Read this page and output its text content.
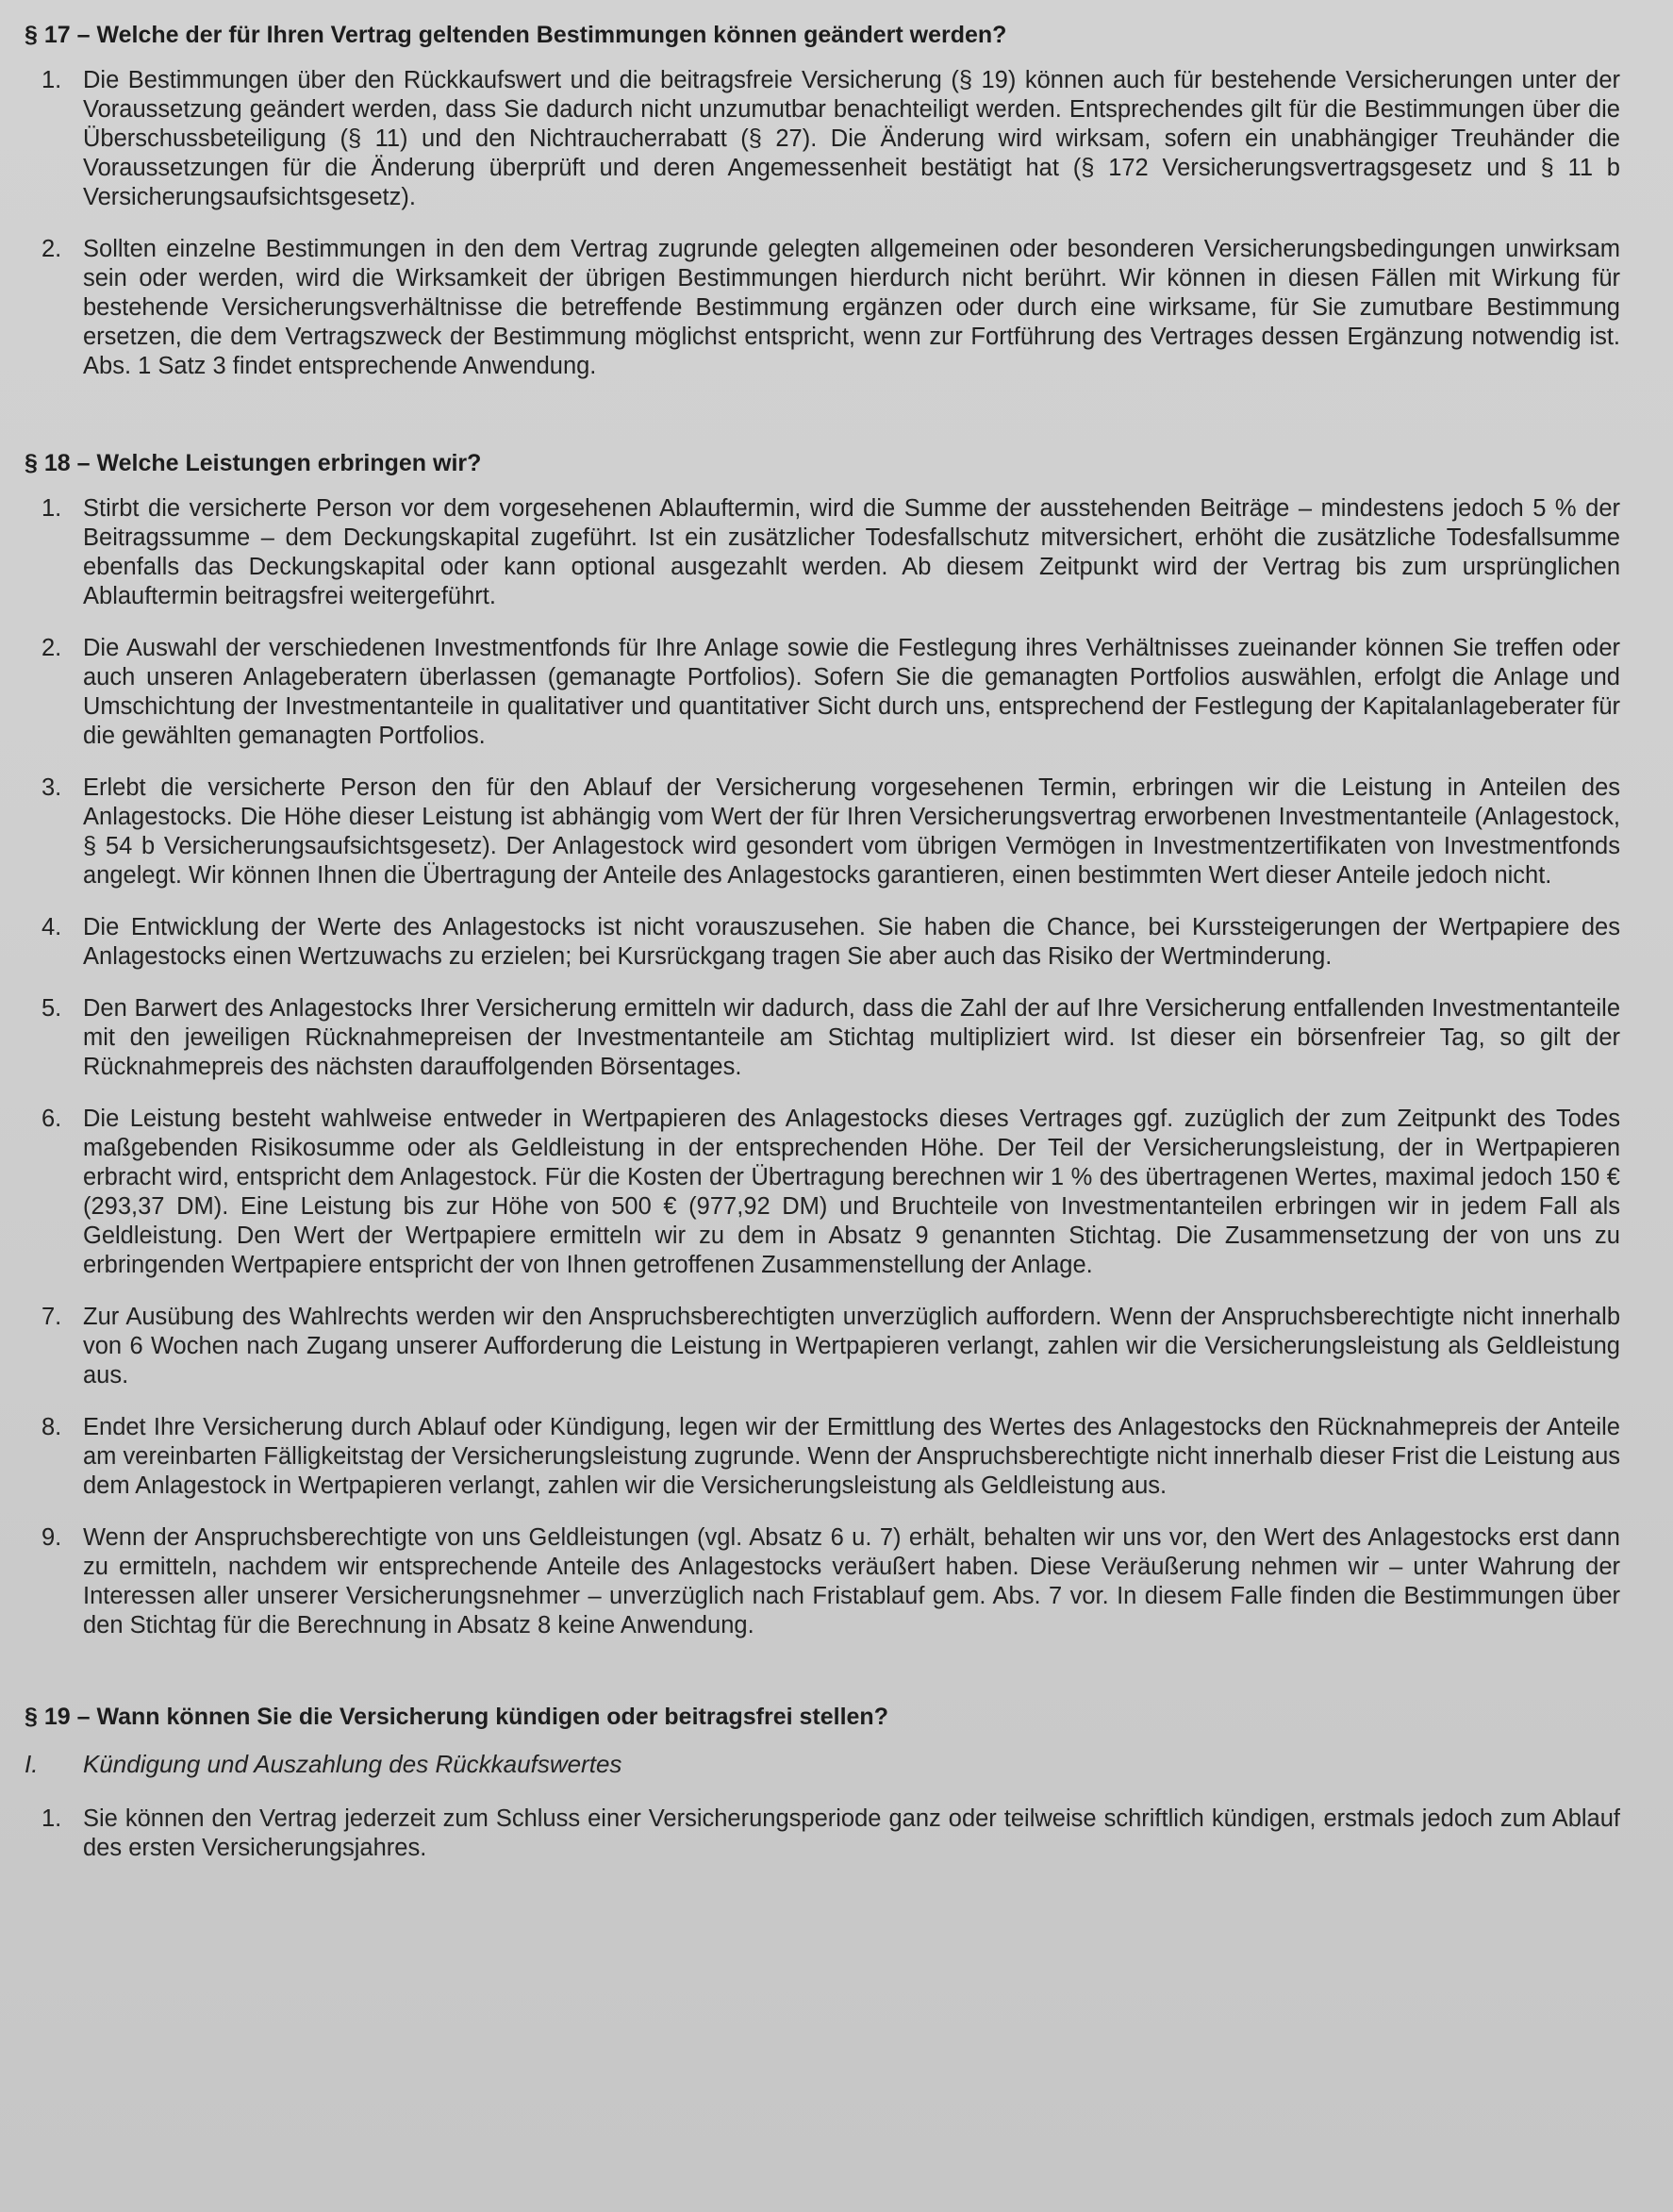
§ 17 – Welche der für Ihren Vertrag geltenden Bestimmungen können geändert werden?
1. Die Bestimmungen über den Rückkaufswert und die beitragsfreie Versicherung (§ 19) können auch für bestehende Versicherungen unter der Voraussetzung geändert werden, dass Sie dadurch nicht unzumutbar benachteiligt werden. Entsprechendes gilt für die Bestimmungen über die Überschussbeteiligung (§ 11) und den Nichtraucherrabatt (§ 27). Die Änderung wird wirksam, sofern ein unabhängiger Treuhänder die Voraussetzungen für die Änderung überprüft und deren Angemessenheit bestätigt hat (§ 172 Versicherungsvertragsgesetz und § 11 b Versicherungsaufsichtsgesetz).
2. Sollten einzelne Bestimmungen in den dem Vertrag zugrunde gelegten allgemeinen oder besonderen Versicherungsbedingungen unwirksam sein oder werden, wird die Wirksamkeit der übrigen Bestimmungen hierdurch nicht berührt. Wir können in diesen Fällen mit Wirkung für bestehende Versicherungsverhältnisse die betreffende Bestimmung ergänzen oder durch eine wirksame, für Sie zumutbare Bestimmung ersetzen, die dem Vertragszweck der Bestimmung möglichst entspricht, wenn zur Fortführung des Vertrages dessen Ergänzung notwendig ist. Abs. 1 Satz 3 findet entsprechende Anwendung.
§ 18 – Welche Leistungen erbringen wir?
1. Stirbt die versicherte Person vor dem vorgesehenen Ablauftermin, wird die Summe der ausstehenden Beiträge – mindestens jedoch 5 % der Beitragssumme – dem Deckungskapital zugeführt. Ist ein zusätzlicher Todesfallschutz mitversichert, erhöht die zusätzliche Todesfallsumme ebenfalls das Deckungskapital oder kann optional ausgezahlt werden. Ab diesem Zeitpunkt wird der Vertrag bis zum ursprünglichen Ablauftermin beitragsfrei weitergeführt.
2. Die Auswahl der verschiedenen Investmentfonds für Ihre Anlage sowie die Festlegung ihres Verhältnisses zueinander können Sie treffen oder auch unseren Anlageberatern überlassen (gemanagte Portfolios). Sofern Sie die gemanagten Portfolios auswählen, erfolgt die Anlage und Umschichtung der Investmentanteile in qualitativer und quantitativer Sicht durch uns, entsprechend der Festlegung der Kapitalanlageberater für die gewählten gemanagten Portfolios.
3. Erlebt die versicherte Person den für den Ablauf der Versicherung vorgesehenen Termin, erbringen wir die Leistung in Anteilen des Anlagestocks. Die Höhe dieser Leistung ist abhängig vom Wert der für Ihren Versicherungsvertrag erworbenen Investmentanteile (Anlagestock, § 54 b Versicherungsaufsichtsgesetz). Der Anlagestock wird gesondert vom übrigen Vermögen in Investmentzertifikaten von Investmentfonds angelegt. Wir können Ihnen die Übertragung der Anteile des Anlagestocks garantieren, einen bestimmten Wert dieser Anteile jedoch nicht.
4. Die Entwicklung der Werte des Anlagestocks ist nicht vorauszusehen. Sie haben die Chance, bei Kurssteigerungen der Wertpapiere des Anlagestocks einen Wertzuwachs zu erzielen; bei Kursrückgang tragen Sie aber auch das Risiko der Wertminderung.
5. Den Barwert des Anlagestocks Ihrer Versicherung ermitteln wir dadurch, dass die Zahl der auf Ihre Versicherung entfallenden Investmentanteile mit den jeweiligen Rücknahmepreisen der Investmentanteile am Stichtag multipliziert wird. Ist dieser ein börsenfreier Tag, so gilt der Rücknahmepreis des nächsten darauffolgenden Börsentages.
6. Die Leistung besteht wahlweise entweder in Wertpapieren des Anlagestocks dieses Vertrages ggf. zuzüglich der zum Zeitpunkt des Todes maßgebenden Risikosumme oder als Geldleistung in der entsprechenden Höhe. Der Teil der Versicherungsleistung, der in Wertpapieren erbracht wird, entspricht dem Anlagestock. Für die Kosten der Übertragung berechnen wir 1 % des übertragenen Wertes, maximal jedoch 150 € (293,37 DM). Eine Leistung bis zur Höhe von 500 € (977,92 DM) und Bruchteile von Investmentanteilen erbringen wir in jedem Fall als Geldleistung. Den Wert der Wertpapiere ermitteln wir zu dem in Absatz 9 genannten Stichtag. Die Zusammensetzung der von uns zu erbringenden Wertpapiere entspricht der von Ihnen getroffenen Zusammenstellung der Anlage.
7. Zur Ausübung des Wahlrechts werden wir den Anspruchsberechtigten unverzüglich auffordern. Wenn der Anspruchsberechtigte nicht innerhalb von 6 Wochen nach Zugang unserer Aufforderung die Leistung in Wertpapieren verlangt, zahlen wir die Versicherungsleistung als Geldleistung aus.
8. Endet Ihre Versicherung durch Ablauf oder Kündigung, legen wir der Ermittlung des Wertes des Anlagestocks den Rücknahmepreis der Anteile am vereinbarten Fälligkeitstag der Versicherungsleistung zugrunde. Wenn der Anspruchsberechtigte nicht innerhalb dieser Frist die Leistung aus dem Anlagestock in Wertpapieren verlangt, zahlen wir die Versicherungsleistung als Geldleistung aus.
9. Wenn der Anspruchsberechtigte von uns Geldleistungen (vgl. Absatz 6 u. 7) erhält, behalten wir uns vor, den Wert des Anlagestocks erst dann zu ermitteln, nachdem wir entsprechende Anteile des Anlagestocks veräußert haben. Diese Veräußerung nehmen wir – unter Wahrung der Interessen aller unserer Versicherungsnehmer – unverzüglich nach Fristablauf gem. Abs. 7 vor. In diesem Falle finden die Bestimmungen über den Stichtag für die Berechnung in Absatz 8 keine Anwendung.
§ 19 – Wann können Sie die Versicherung kündigen oder beitragsfrei stellen?
I. Kündigung und Auszahlung des Rückkaufswertes
1. Sie können den Vertrag jederzeit zum Schluss einer Versicherungsperiode ganz oder teilweise schriftlich kündigen, erstmals jedoch zum Ablauf des ersten Versicherungsjahres.
